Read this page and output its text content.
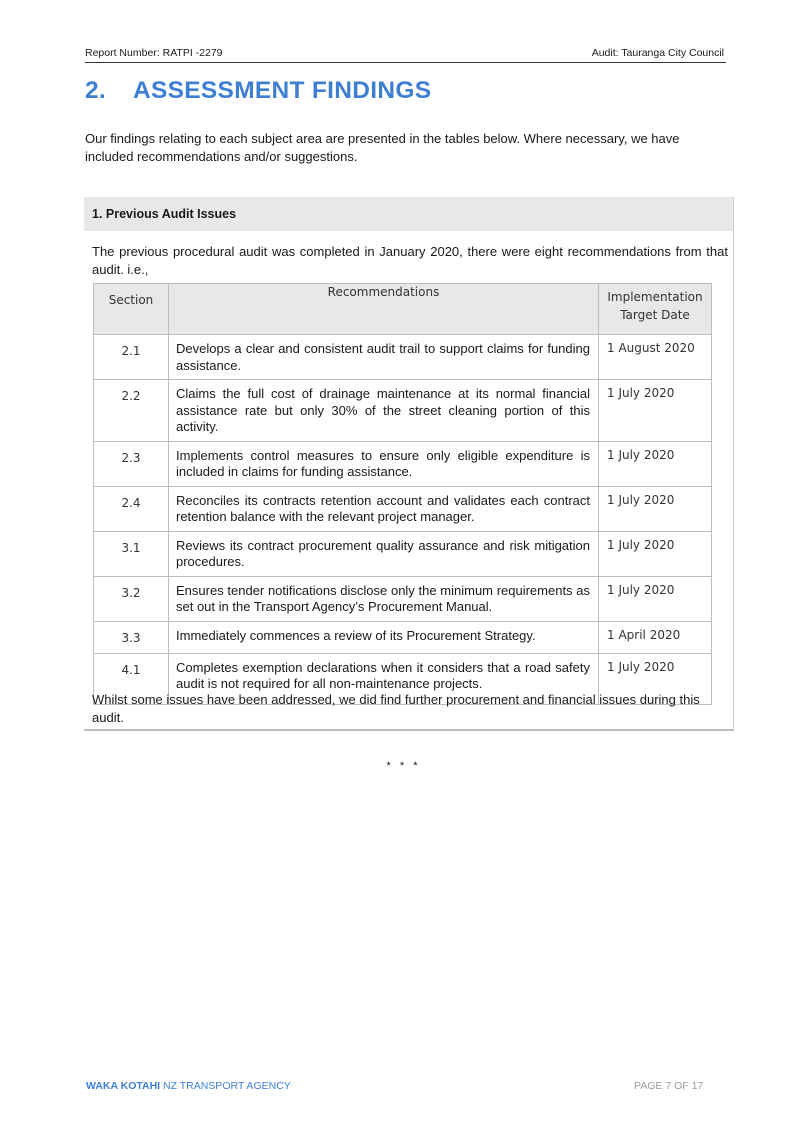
Report Number: RATPI -2279	Audit: Tauranga City Council
2. ASSESSMENT FINDINGS

Our findings relating to each subject area are presented in the tables below. Where necessary, we have included recommendations and/or suggestions.

1. Previous Audit Issues

The previous procedural audit was completed in January 2020, there were eight recommendations from that audit. i.e.,

Section	Recommendations	Implementation
Target Date
2.1	Develops a clear and consistent audit trail to support claims for funding assistance.	1 August 2020
2.2	Claims the full cost of drainage maintenance at its normal financial assistance rate but only 30% of the street cleaning portion of this activity.	1 July 2020
2.3	Implements control measures to ensure only eligible expenditure is included in claims for funding assistance.	1 July 2020
2.4	Reconciles its contracts retention account and validates each contract retention balance with the relevant project manager.	1 July 2020
3.1	Reviews its contract procurement quality assurance and risk mitigation procedures.	1 July 2020
3.2	Ensures tender notifications disclose only the minimum requirements as set out in the Transport Agency’s Procurement Manual.	1 July 2020
3.3	Immediately commences a review of its Procurement Strategy.	1 April 2020
4.1	Completes exemption declarations when it considers that a road safety audit is not required for all non-maintenance projects.	1 July 2020

Whilst some issues have been addressed, we did find further procurement and financial issues during this audit.

* * *
WAKA KOTAHI NZ TRANSPORT AGENCY	PAGE 7 OF 17
